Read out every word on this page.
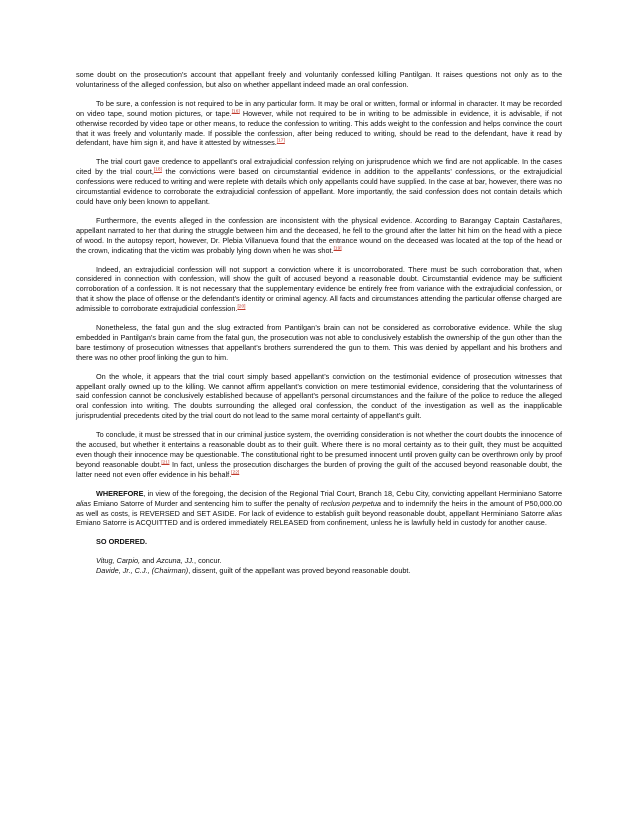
some doubt on the prosecution’s account that appellant freely and voluntarily confessed killing Pantilgan. It raises questions not only as to the voluntariness of the alleged confession, but also on whether appellant indeed made an oral confession.

To be sure, a confession is not required to be in any particular form. It may be oral or written, formal or informal in character. It may be recorded on video tape, sound motion pictures, or tape.[16] However, while not required to be in writing to be admissible in evidence, it is advisable, if not otherwise recorded by video tape or other means, to reduce the confession to writing. This adds weight to the confession and helps convince the court that it was freely and voluntarily made. If possible the confession, after being reduced to writing, should be read to the defendant, have it read by defendant, have him sign it, and have it attested by witnesses.[17]

The trial court gave credence to appellant’s oral extrajudicial confession relying on jurisprudence which we find are not applicable. In the cases cited by the trial court,[18] the convictions were based on circumstantial evidence in addition to the appellants’ confessions, or the extrajudicial confessions were reduced to writing and were replete with details which only appellants could have supplied. In the case at bar, however, there was no circumstantial evidence to corroborate the extrajudicial confession of appellant. More importantly, the said confession does not contain details which could have only been known to appellant.

Furthermore, the events alleged in the confession are inconsistent with the physical evidence. According to Barangay Captain Castañares, appellant narrated to her that during the struggle between him and the deceased, he fell to the ground after the latter hit him on the head with a piece of wood. In the autopsy report, however, Dr. Plebia Villanueva found that the entrance wound on the deceased was located at the top of the head or the crown, indicating that the victim was probably lying down when he was shot.[19]

Indeed, an extrajudicial confession will not support a conviction where it is uncorroborated. There must be such corroboration that, when considered in connection with confession, will show the guilt of accused beyond a reasonable doubt. Circumstantial evidence may be sufficient corroboration of a confession. It is not necessary that the supplementary evidence be entirely free from variance with the extrajudicial confession, or that it show the place of offense or the defendant’s identity or criminal agency. All facts and circumstances attending the particular offense charged are admissible to corroborate extrajudicial confession.[20]

Nonetheless, the fatal gun and the slug extracted from Pantilgan’s brain can not be considered as corroborative evidence. While the slug embedded in Pantilgan’s brain came from the fatal gun, the prosecution was not able to conclusively establish the ownership of the gun other than the bare testimony of prosecution witnesses that appellant’s brothers surrendered the gun to them. This was denied by appellant and his brothers and there was no other proof linking the gun to him.

On the whole, it appears that the trial court simply based appellant’s conviction on the testimonial evidence of prosecution witnesses that appellant orally owned up to the killing. We cannot affirm appellant’s conviction on mere testimonial evidence, considering that the voluntariness of said confession cannot be conclusively established because of appellant’s personal circumstances and the failure of the police to reduce the alleged oral confession into writing. The doubts surrounding the alleged oral confession, the conduct of the investigation as well as the inapplicable jurisprudential precedents cited by the trial court do not lead to the same moral certainty of appellant’s guilt.

To conclude, it must be stressed that in our criminal justice system, the overriding consideration is not whether the court doubts the innocence of the accused, but whether it entertains a reasonable doubt as to their guilt. Where there is no moral certainty as to their guilt, they must be acquitted even though their innocence may be questionable. The constitutional right to be presumed innocent until proven guilty can be overthrown only by proof beyond reasonable doubt.[21] In fact, unless the prosecution discharges the burden of proving the guilt of the accused beyond reasonable doubt, the latter need not even offer evidence in his behalf.[22]

WHEREFORE, in view of the foregoing, the decision of the Regional Trial Court, Branch 18, Cebu City, convicting appellant Herminiano Satorre alias Emiano Satorre of Murder and sentencing him to suffer the penalty of reclusion perpetua and to indemnify the heirs in the amount of P50,000.00 as well as costs, is REVERSED and SET ASIDE. For lack of evidence to establish guilt beyond reasonable doubt, appellant Herminiano Satorre alias Emiano Satorre is ACQUITTED and is ordered immediately RELEASED from confinement, unless he is lawfully held in custody for another cause.

SO ORDERED.

Vitug, Carpio, and Azcuna, JJ., concur.

Davide, Jr., C.J., (Chairman), dissent, guilt of the appellant was proved beyond reasonable doubt.
